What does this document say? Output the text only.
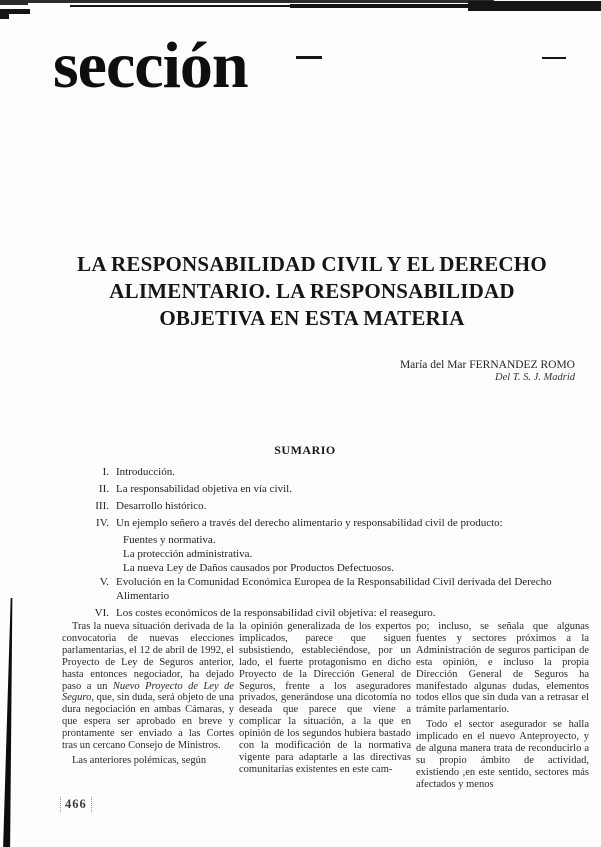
sección
LA RESPONSABILIDAD CIVIL Y EL DERECHO ALIMENTARIO. LA RESPONSABILIDAD OBJETIVA EN ESTA MATERIA
María del Mar FERNANDEZ ROMO
Del T. S. J. Madrid
SUMARIO
I. Introducción.
II. La responsabilidad objetiva en vía civil.
III. Desarrollo histórico.
IV. Un ejemplo señero a través del derecho alimentario y responsabilidad civil de producto:
Fuentes y normativa.
La protección administrativa.
La nueva Ley de Daños causados por Productos Defectuosos.
V. Evolución en la Comunidad Económica Europea de la Responsabilidad Civil derivada del Derecho Alimentario
VI. Los costes económicos de la responsabilidad civil objetiva: el reaseguro.

Tras la nueva situación derivada de la convocatoria de nuevas elecciones parlamentarias, el 12 de abril de 1992, el Proyecto de Ley de Seguros anterior, hasta entonces negociador, ha dejado paso a un Nuevo Proyecto de Ley de Seguro, que, sin duda, será objeto de una dura negociación en ambas Cámaras, y que espera ser aprobado en breve y prontamente ser enviado a las Cortes tras un cercano Consejo de Ministros.

Las anteriores polémicas, según

la opinión generalizada de los expertos implicados, parece que siguen subsistiendo, estableciéndose, por un lado, el fuerte protagonismo en dicho Proyecto de la Dirección General de Seguros, frente a los aseguradores privados, generándose una dicotomía no deseada que parece que viene a complicar la situación, a la que en opinión de los segundos hubiera bastado con la modificación de la normativa vigente para adaptarle a las directivas comunitarias existentes en este cam-

po; incluso, se señala que algunas fuentes y sectores próximos a la Administración de seguros participan de esta opinión, e incluso la propia Dirección General de Seguros ha manifestado algunas dudas, elementos todos ellos que sin duda van a retrasar el trámite parlamentario.

Todo el sector asegurador se halla implicado en el nuevo Anteproyecto, y de alguna manera trata de reconducirlo a su propio ámbito de actividad, existiendo ,en este sentido, sectores más afectados y menos

466
